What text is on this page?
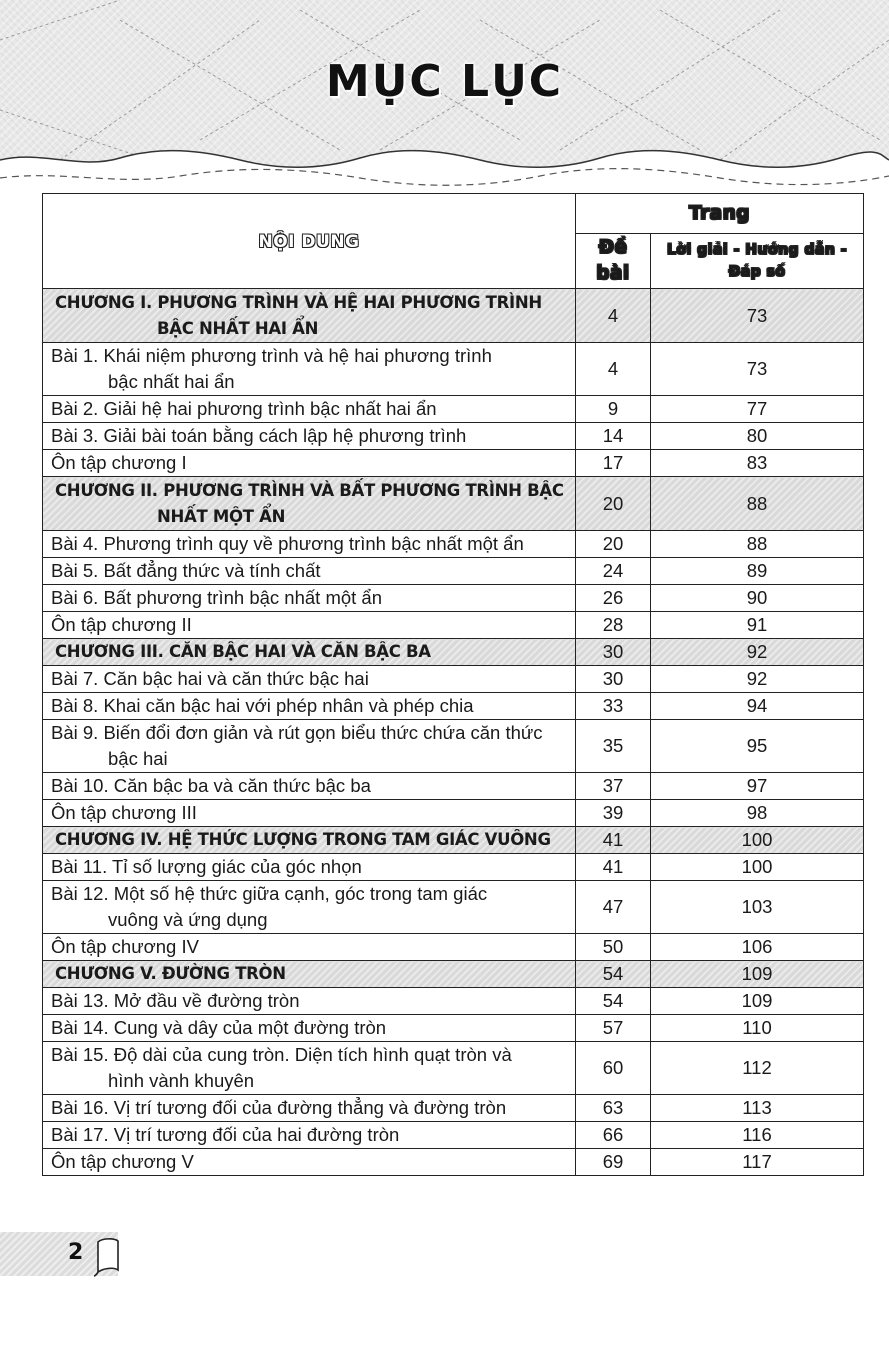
MỤC LỤC
NỘI DUNG	Trang	
	Đề bài	Lời giải - Hướng dẫn - Đáp số

CHƯƠNG I. PHƯƠNG TRÌNH VÀ HỆ HAI PHƯƠNG TRÌNH
BẬC NHẤT HAI ẨN	4	73

Bài 1. Khái niệm phương trình và hệ hai phương trình
bậc nhất hai ẩn	4	73

Bài 2. Giải hệ hai phương trình bậc nhất hai ẩn	9	77

Bài 3. Giải bài toán bằng cách lập hệ phương trình	14	80

Ôn tập chương I	17	83

CHƯƠNG II. PHƯƠNG TRÌNH VÀ BẤT PHƯƠNG TRÌNH BẬC
NHẤT MỘT ẨN	20	88

Bài 4. Phương trình quy về phương trình bậc nhất một ẩn	20	88

Bài 5. Bất đẳng thức và tính chất	24	89

Bài 6. Bất phương trình bậc nhất một ẩn	26	90

Ôn tập chương II	28	91

CHƯƠNG III. CĂN BẬC HAI VÀ CĂN BẬC BA	30	92

Bài 7. Căn bậc hai và căn thức bậc hai	30	92

Bài 8. Khai căn bậc hai với phép nhân và phép chia	33	94

Bài 9. Biến đổi đơn giản và rút gọn biểu thức chứa căn thức
bậc hai	35	95

Bài 10. Căn bậc ba và căn thức bậc ba	37	97

Ôn tập chương III	39	98

CHƯƠNG IV. HỆ THỨC LƯỢNG TRONG TAM GIÁC VUÔNG	41	100

Bài 11. Tỉ số lượng giác của góc nhọn	41	100

Bài 12. Một số hệ thức giữa cạnh, góc trong tam giác
vuông và ứng dụng	47	103

Ôn tập chương IV	50	106

CHƯƠNG V. ĐƯỜNG TRÒN	54	109

Bài 13. Mở đầu về đường tròn	54	109

Bài 14. Cung và dây của một đường tròn	57	110

Bài 15. Độ dài của cung tròn. Diện tích hình quạt tròn và
hình vành khuyên	60	112

Bài 16. Vị trí tương đối của đường thẳng và đường tròn	63	113

Bài 17. Vị trí tương đối của hai đường tròn	66	116

Ôn tập chương V	69	117
2
